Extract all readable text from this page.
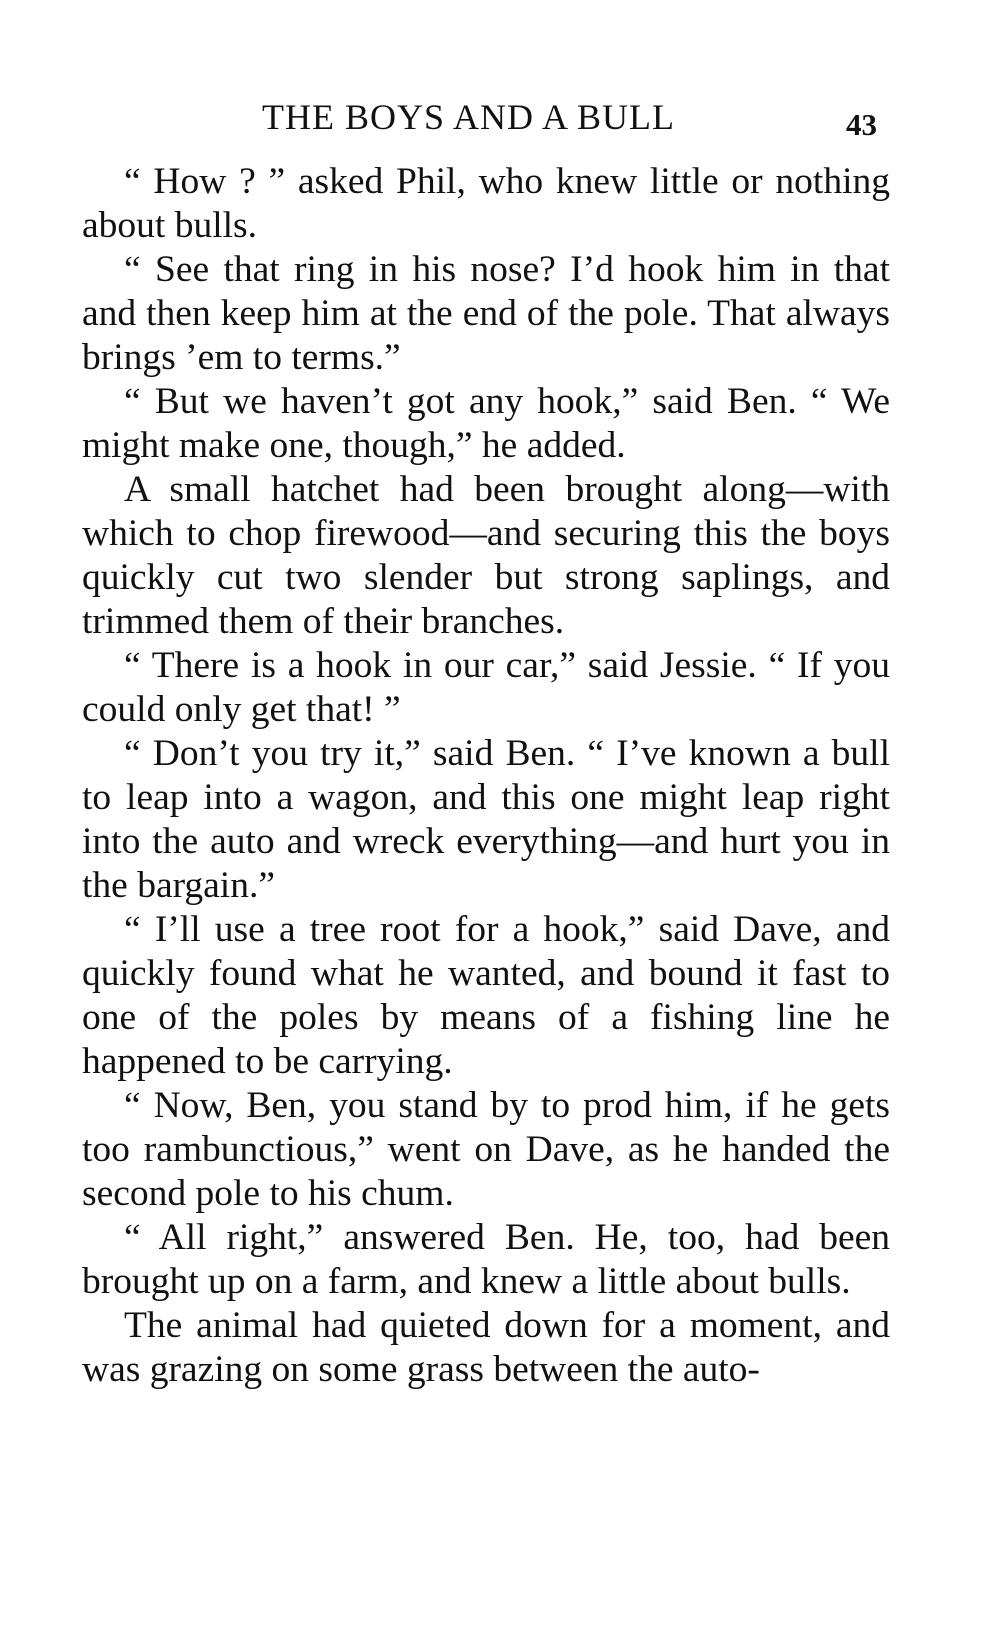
THE BOYS AND A BULL	43

“ How ? ” asked Phil, who knew little or nothing about bulls.

“ See that ring in his nose? I’d hook him in that and then keep him at the end of the pole. That always brings ’em to terms.”

“ But we haven’t got any hook,” said Ben. “ We might make one, though,” he added.

A small hatchet had been brought along—with which to chop firewood—and securing this the boys quickly cut two slender but strong saplings, and trimmed them of their branches.

“ There is a hook in our car,” said Jessie. “ If you could only get that! ”

“ Don’t you try it,” said Ben. “ I’ve known a bull to leap into a wagon, and this one might leap right into the auto and wreck everything—and hurt you in the bargain.”

“ I’ll use a tree root for a hook,” said Dave, and quickly found what he wanted, and bound it fast to one of the poles by means of a fishing line he happened to be carrying.

“ Now, Ben, you stand by to prod him, if he gets too rambunctious,” went on Dave, as he handed the second pole to his chum.

“ All right,” answered Ben. He, too, had been brought up on a farm, and knew a little about bulls.

The animal had quieted down for a moment, and was grazing on some grass between the auto-
